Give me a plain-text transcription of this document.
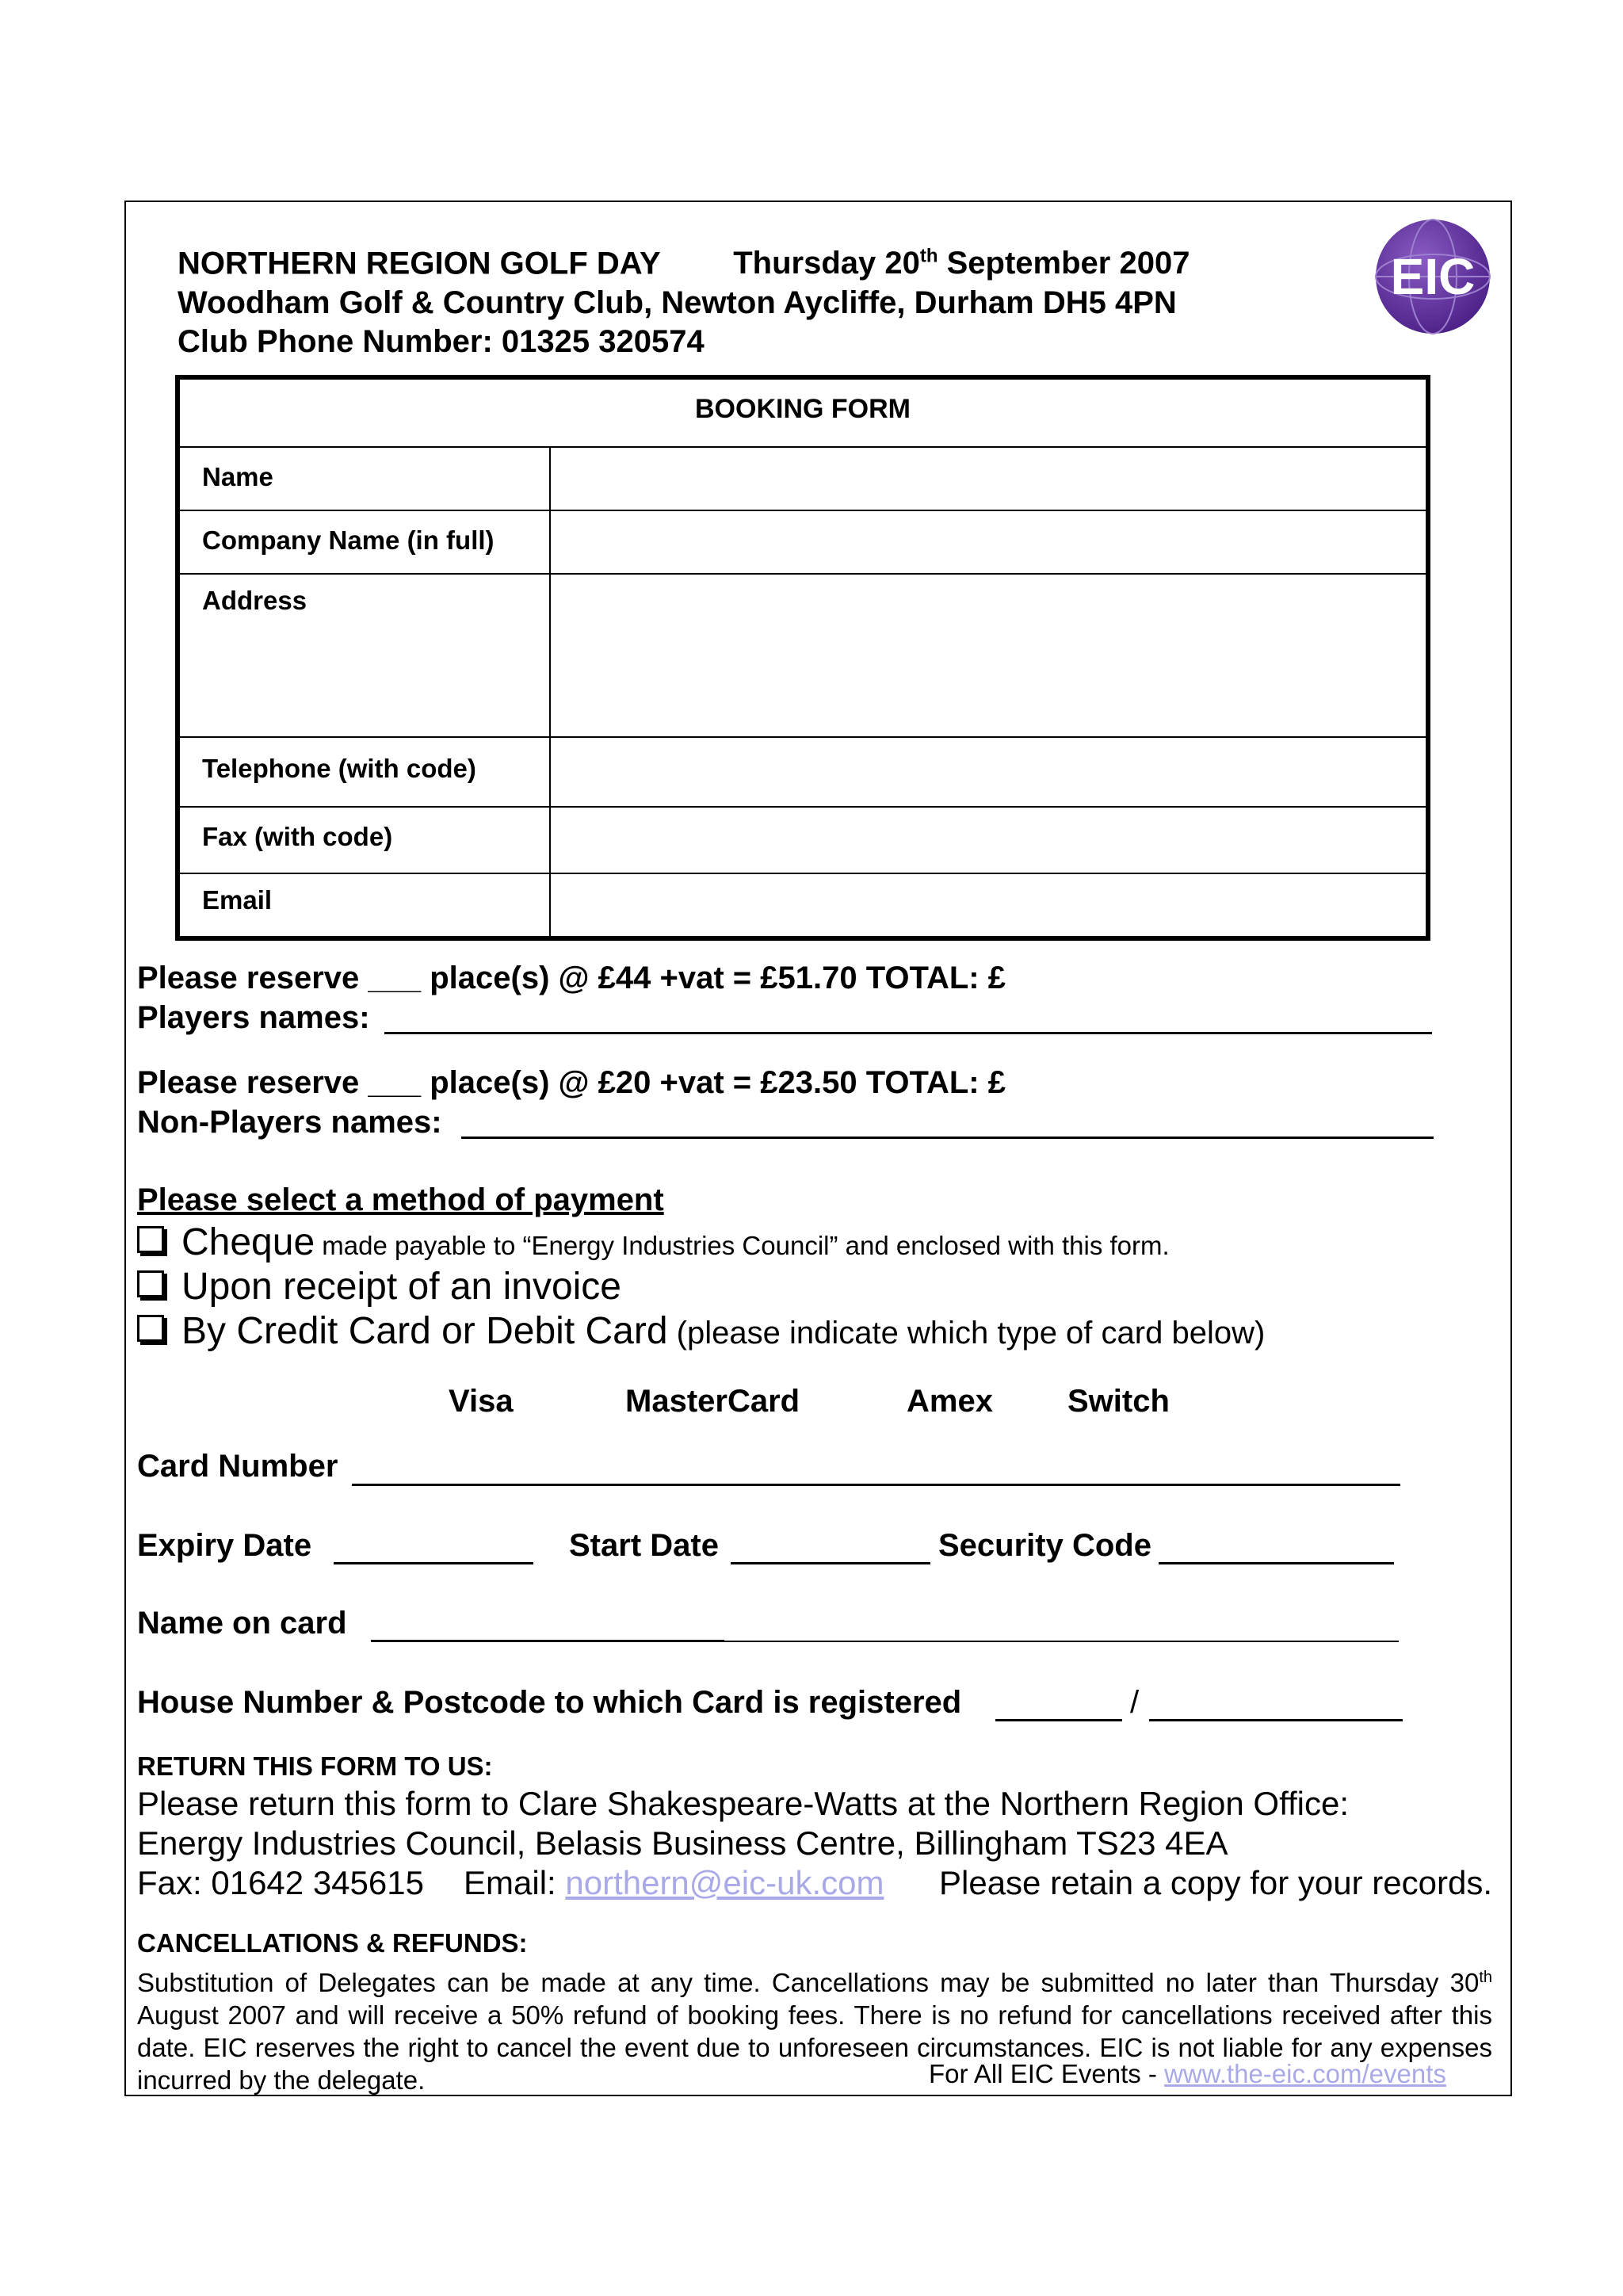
NORTHERN REGION GOLF DAY Thursday 20th September 2007
Woodham Golf & Country Club, Newton Aycliffe, Durham DH5 4PN
Club Phone Number: 01325 320574
EIC
BOOKING FORM
Name
Company Name (in full)
Address
Telephone (with code)
Fax (with code)
Email
Please reserve ___ place(s) @ £44 +vat = £51.70 TOTAL: £
Players names:
Please reserve ___ place(s) @ £20 +vat = £23.50 TOTAL: £
Non-Players names:
Please select a method of payment
Cheque made payable to “Energy Industries Council” and enclosed with this form.
Upon receipt of an invoice
By Credit Card or Debit Card (please indicate which type of card below)
Visa	MasterCard	Amex Switch
Card Number
Expiry Date	Start Date	Security Code
Name on card
House Number & Postcode to which Card is registered	/
RETURN THIS FORM TO US:
Please return this form to Clare Shakespeare-Watts at the Northern Region Office:
Energy Industries Council, Belasis Business Centre, Billingham TS23 4EA
Fax: 01642 345615 Email: northern@eic-uk.com Please retain a copy for your records.
CANCELLATIONS & REFUNDS:
Substitution of Delegates can be made at any time. Cancellations may be submitted no later than Thursday 30th August 2007 and will receive a 50% refund of booking fees. There is no refund for cancellations received after this date. EIC reserves the right to cancel the event due to unforeseen circumstances. EIC is not liable for any expenses incurred by the delegate.	For All EIC Events - www.the-eic.com/events
